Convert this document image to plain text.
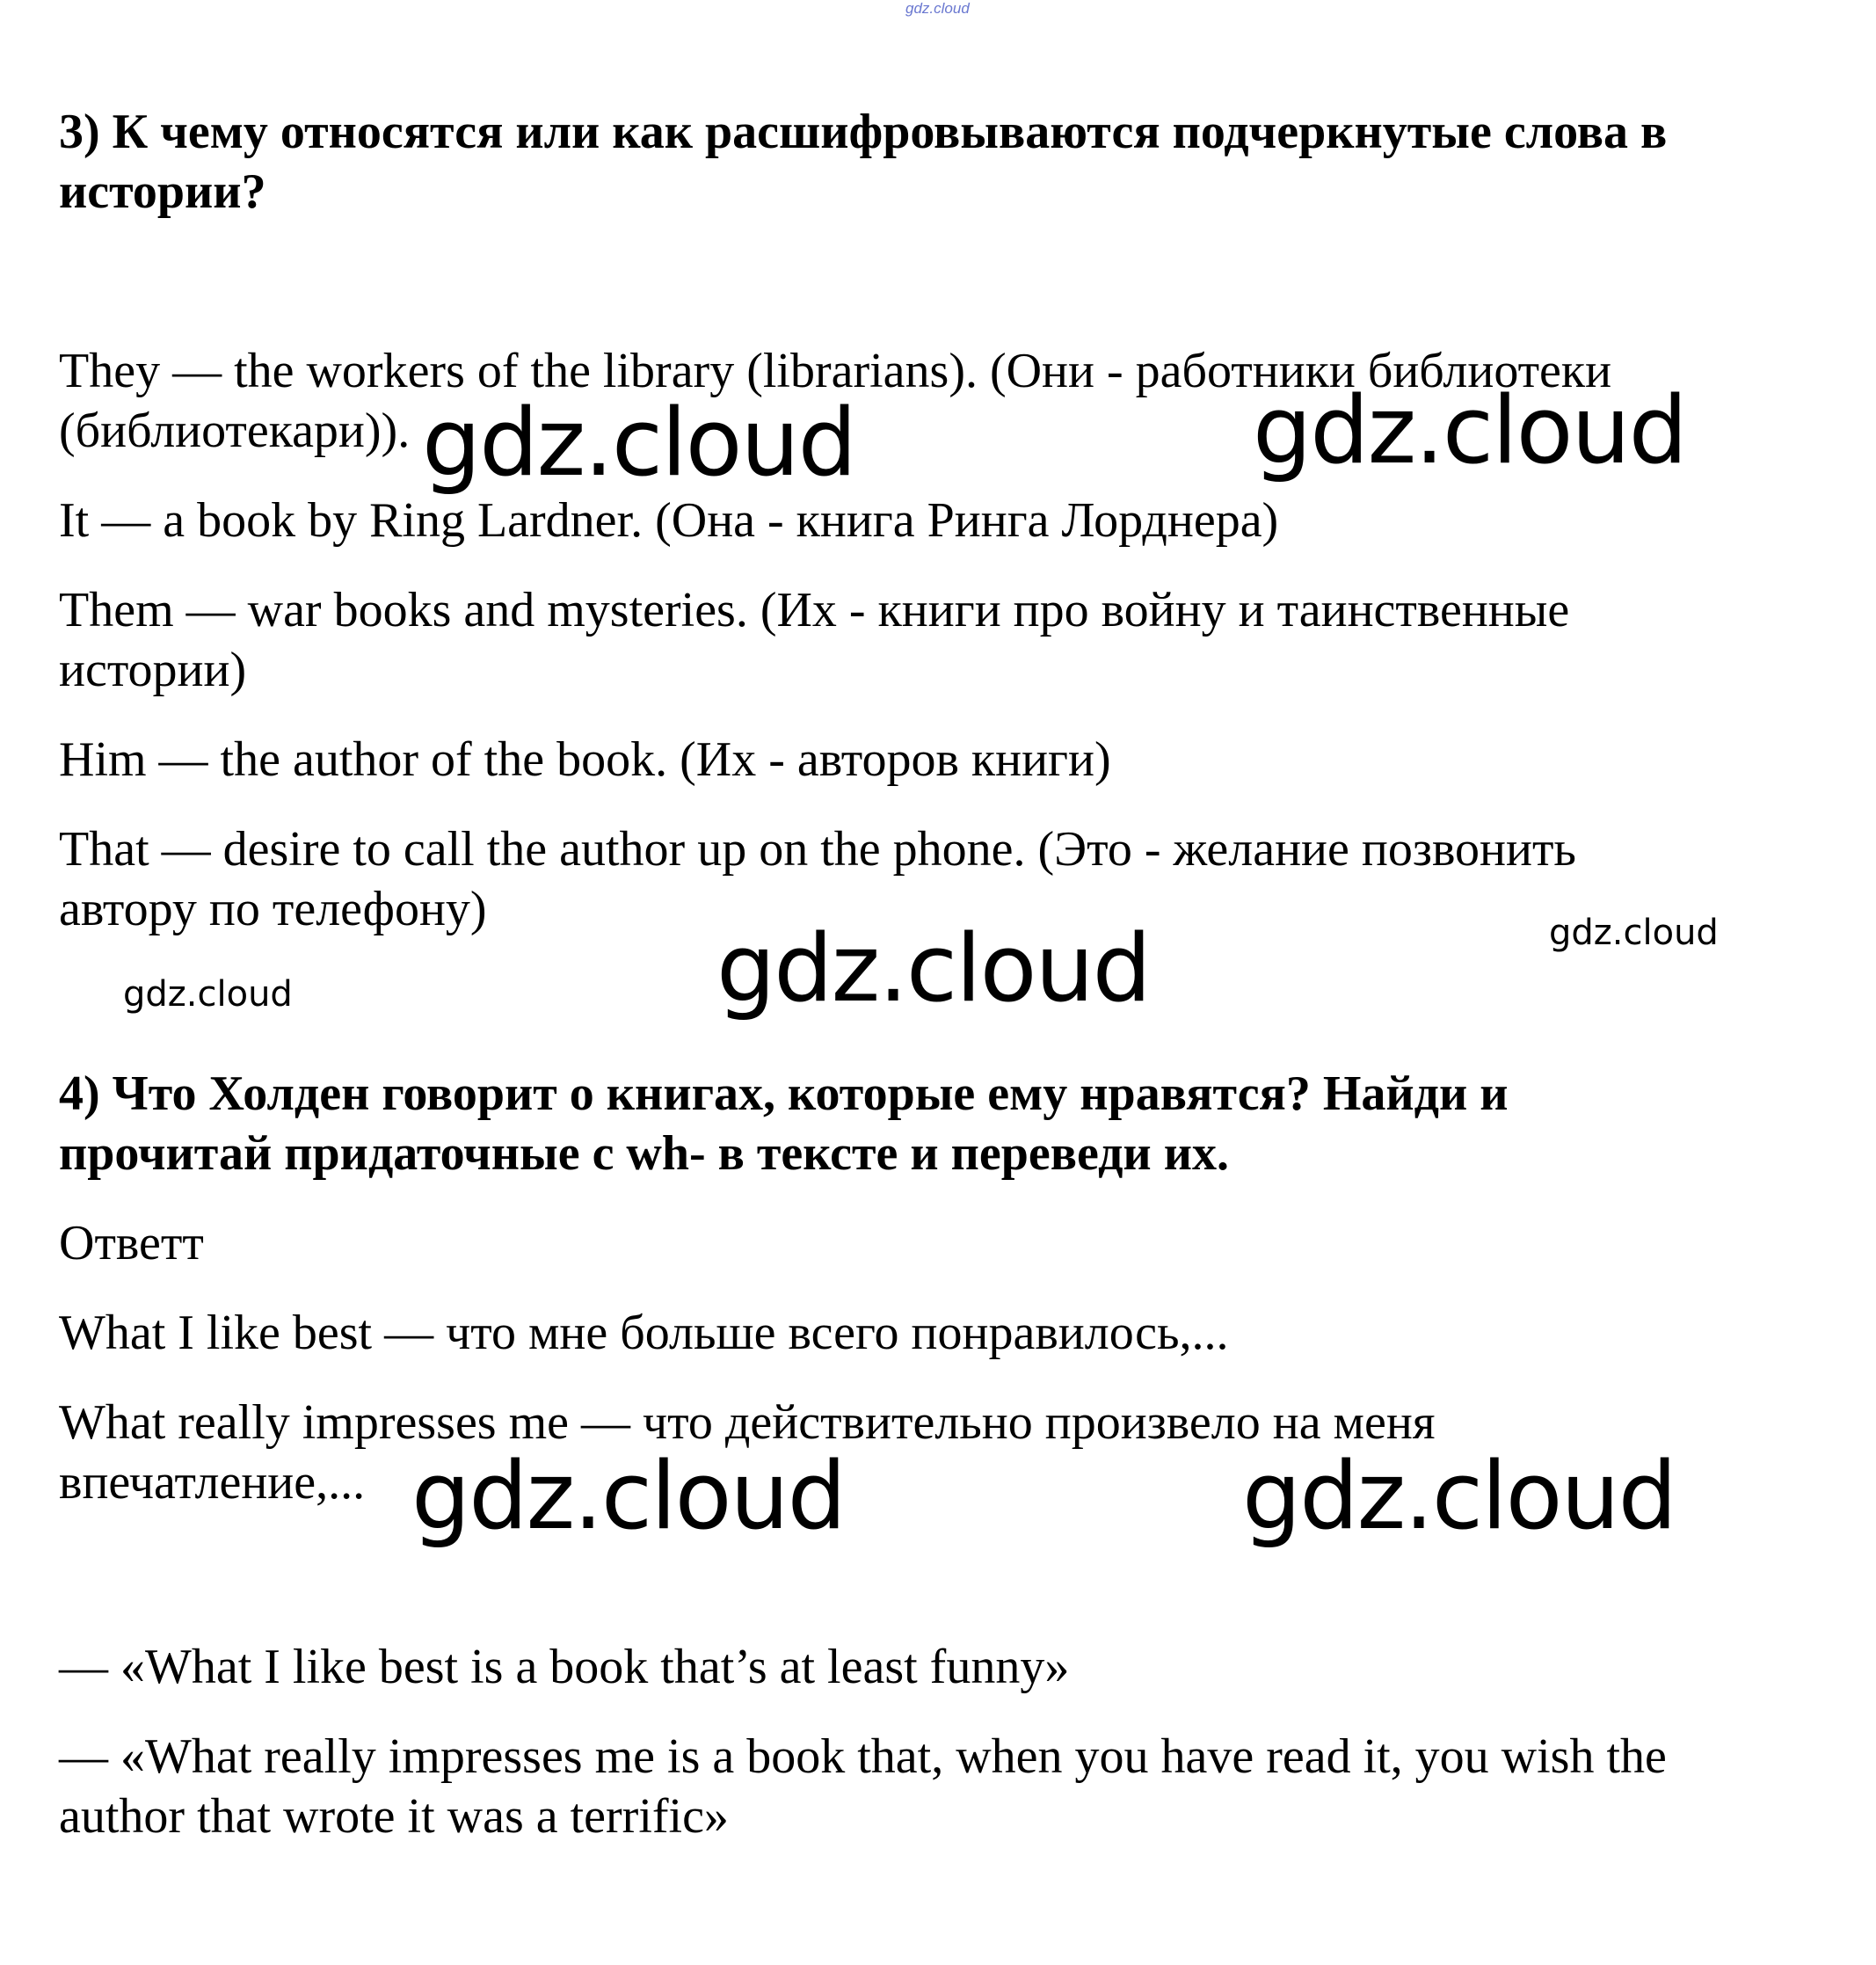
gdz.cloud

3) К чему относятся или как расшифровываются подчеркнутые слова в

истории?

They — the workers of the library (librarians). (Они - работники библиотеки

(библиотекари)).

It — a book by Ring Lardner. (Она - книга Ринга Лорднера)

Them — war books and mysteries. (Их - книги про войну и таинственные

истории)

Him — the author of the book. (Их - авторов книги)

That — desire to call the author up on the phone. (Это - желание позвонить

автору по телефону)

4) Что Холден говорит о книгах, которые ему нравятся? Найди и

прочитай придаточные с wh- в тексте и переведи их.

Ответт

What I like best — что мне больше всего понравилось,...

What really impresses me — что действительно произвело на меня

впечатление,...

— «What I like best is a book that’s at least funny»

— «What really impresses me is a book that, when you have read it, you wish the

author that wrote it was a terrific»

gdz.cloud	gdz.cloud
gdz.cloud	gdz.cloud
gdz.cloud
gdz.cloud	gdz.cloud
